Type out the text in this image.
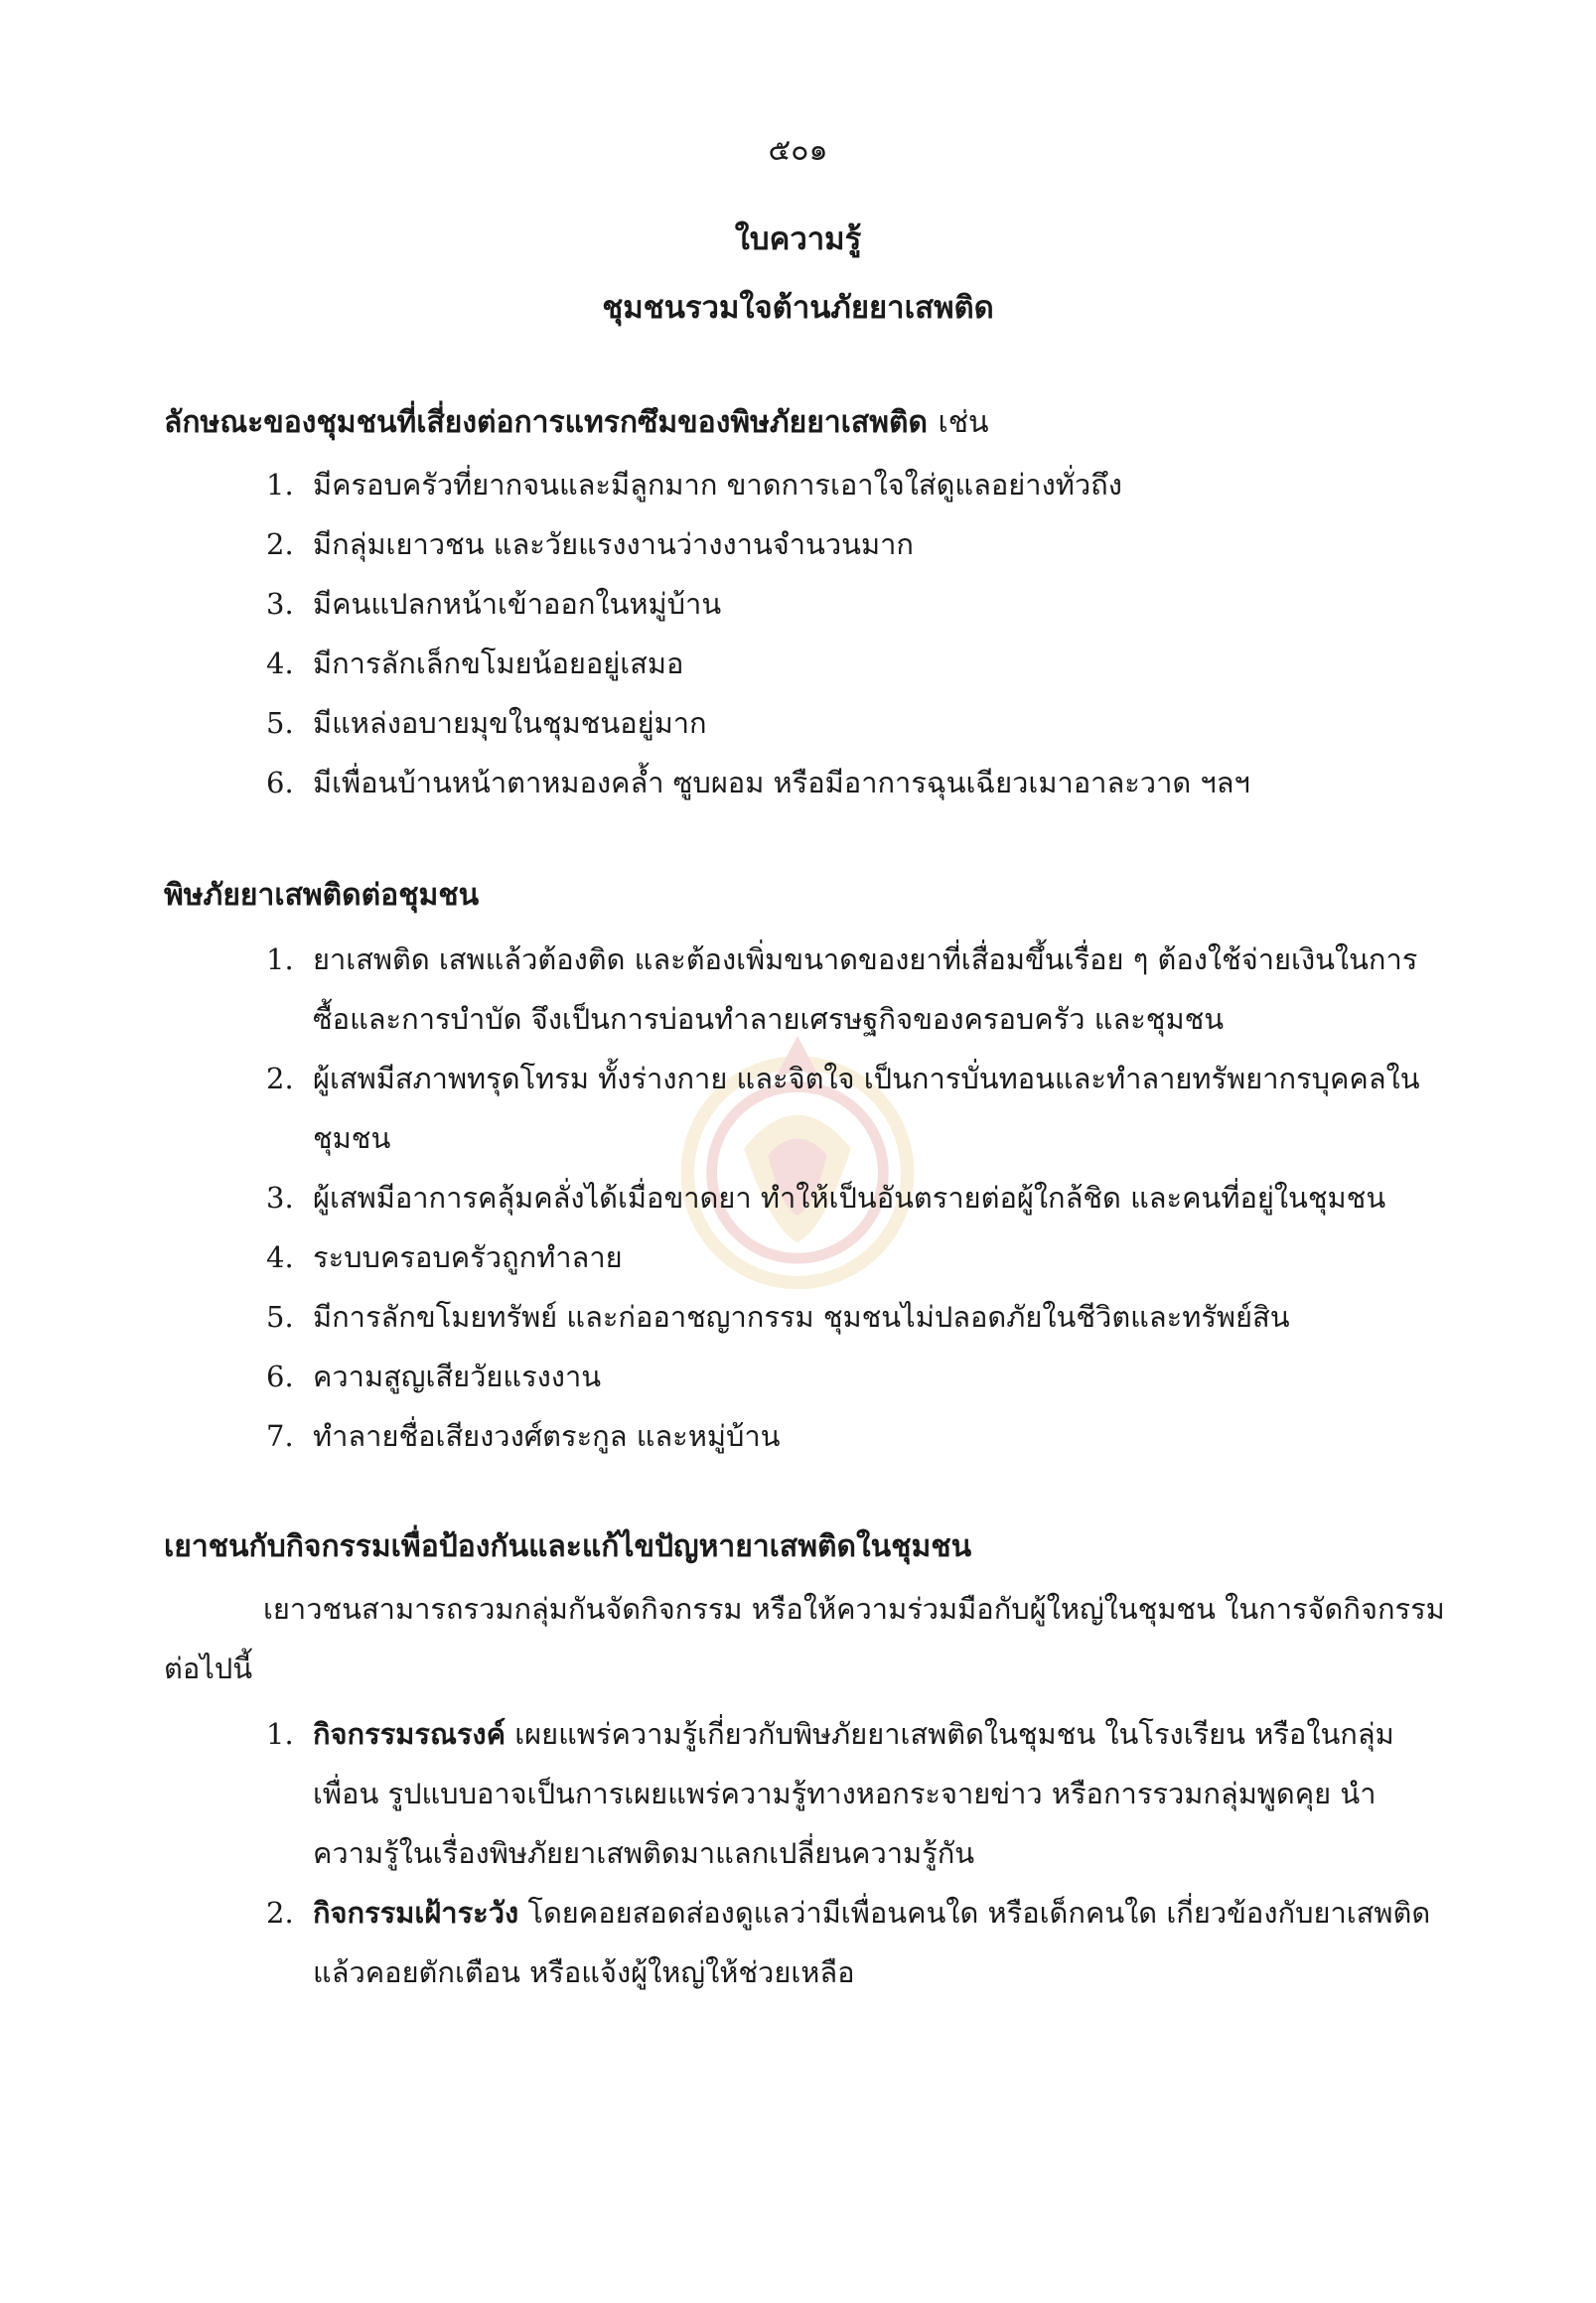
๕๐๑
ใบความรู้
ชุมชนรวมใจต้านภัยยาเสพติด
ลักษณะของชุมชนที่เสี่ยงต่อการแทรกซึมของพิษภัยยาเสพติด เช่น
1. มีครอบครัวที่ยากจนและมีลูกมาก ขาดการเอาใจใส่ดูแลอย่างทั่วถึง
2. มีกลุ่มเยาวชน และวัยแรงงานว่างงานจำนวนมาก
3. มีคนแปลกหน้าเข้าออกในหมู่บ้าน
4. มีการลักเล็กขโมยน้อยอยู่เสมอ
5. มีแหล่งอบายมุขในชุมชนอยู่มาก
6. มีเพื่อนบ้านหน้าตาหมองคล้ำ ซูบผอม หรือมีอาการฉุนเฉียวเมาอาละวาด ฯลฯ
พิษภัยยาเสพติดต่อชุมชน
1. ยาเสพติด เสพแล้วต้องติด และต้องเพิ่มขนาดของยาที่เสื่อมขึ้นเรื่อย ๆ ต้องใช้จ่ายเงินในการซื้อและการบำบัด จึงเป็นการบ่อนทำลายเศรษฐกิจของครอบครัว และชุมชน
2. ผู้เสพมีสภาพทรุดโทรม ทั้งร่างกาย และจิตใจ เป็นการบั่นทอนและทำลายทรัพยากรบุคคลในชุมชน
3. ผู้เสพมีอาการคลุ้มคลั่งได้เมื่อขาดยา ทำให้เป็นอันตรายต่อผู้ใกล้ชิด และคนที่อยู่ในชุมชน
4. ระบบครอบครัวถูกทำลาย
5. มีการลักขโมยทรัพย์ และก่ออาชญากรรม ชุมชนไม่ปลอดภัยในชีวิตและทรัพย์สิน
6. ความสูญเสียวัยแรงงาน
7. ทำลายชื่อเสียงวงศ์ตระกูล และหมู่บ้าน
เยาชนกับกิจกรรมเพื่อป้องกันและแก้ไขปัญหายาเสพติดในชุมชน
เยาวชนสามารถรวมกลุ่มกันจัดกิจกรรม หรือให้ความร่วมมือกับผู้ใหญ่ในชุมชน ในการจัดกิจกรรมต่อไปนี้
1. กิจกรรมรณรงค์ เผยแพร่ความรู้เกี่ยวกับพิษภัยยาเสพติดในชุมชน ในโรงเรียน หรือในกลุ่มเพื่อน รูปแบบอาจเป็นการเผยแพร่ความรู้ทางหอกระจายข่าว หรือการรวมกลุ่มพูดคุย นำความรู้ในเรื่องพิษภัยยาเสพติดมาแลกเปลี่ยนความรู้กัน
2. กิจกรรมเฝ้าระวัง โดยคอยสอดส่องดูแลว่ามีเพื่อนคนใด หรือเด็กคนใด เกี่ยวข้องกับยาเสพติด แล้วคอยตักเตือน หรือแจ้งผู้ใหญ่ให้ช่วยเหลือ
